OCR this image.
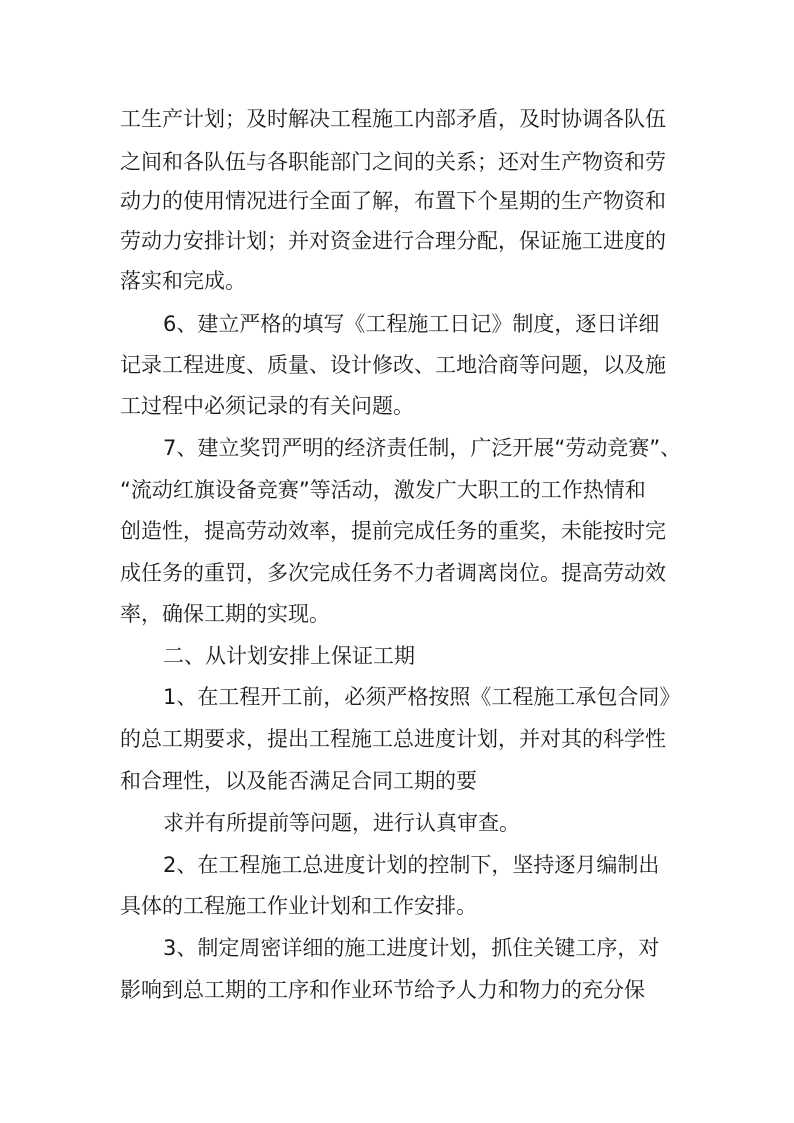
工生产计划；及时解决工程施工内部矛盾，及时协调各队伍
之间和各队伍与各职能部门之间的关系；还对生产物资和劳
动力的使用情况进行全面了解，布置下个星期的生产物资和
劳动力安排计划；并对资金进行合理分配，保证施工进度的
落实和完成。
6、建立严格的填写《工程施工日记》制度，逐日详细
记录工程进度、质量、设计修改、工地洽商等问题，以及施
工过程中必须记录的有关问题。
7、建立奖罚严明的经济责任制，广泛开展“劳动竞赛”、
“流动红旗设备竞赛”等活动，激发广大职工的工作热情和
创造性，提高劳动效率，提前完成任务的重奖，未能按时完
成任务的重罚，多次完成任务不力者调离岗位。提高劳动效
率，确保工期的实现。
二、从计划安排上保证工期
1、在工程开工前，必须严格按照《工程施工承包合同》
的总工期要求，提出工程施工总进度计划，并对其的科学性
和合理性，以及能否满足合同工期的要
求并有所提前等问题，进行认真审查。
2、在工程施工总进度计划的控制下，坚持逐月编制出
具体的工程施工作业计划和工作安排。
3、制定周密详细的施工进度计划，抓住关键工序，对
影响到总工期的工序和作业环节给予人力和物力的充分保
